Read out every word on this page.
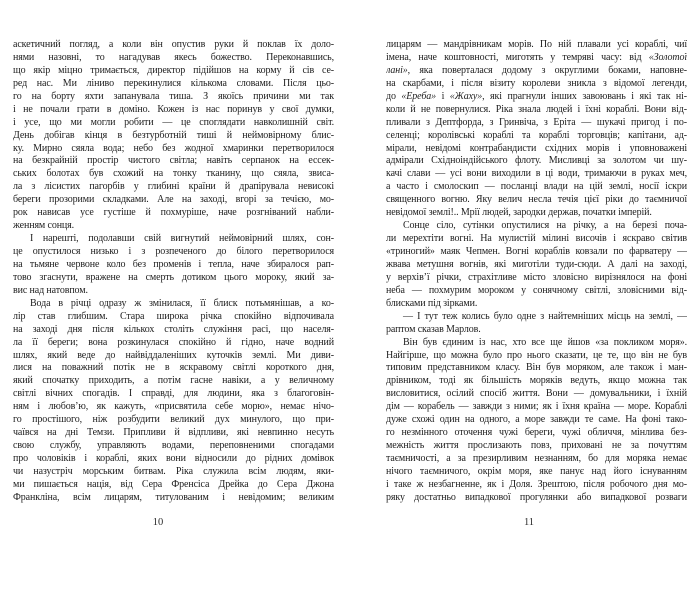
аскетичний погляд, а коли він опустив руки й поклав їх доло-
нями назовні, то нагадував якесь божество. Переконавшись,
що якір міцно тримається, директор підійшов на корму й сів се-
ред нас. Ми ліниво перекинулися кількома словами. Після цьо-
го на борту яхти запанувала тиша. З якоїсь причини ми так
і не почали грати в доміно. Кожен із нас поринув у свої думки,
і усе, що ми могли робити — це споглядати навколишній світ.
День добігав кінця в безтурботній тиші й неймовірному блис-
ку. Мирно сяяла вода; небо без жодної хмаринки перетворилося
на безкрайній простір чистого світла; навіть серпанок на ессек-
ських болотах був схожий на тонку тканину, що сяяла, звиса-
ла з лісистих пагорбів у глибині країни й драпірувала невисокі
береги прозорими складками. Але на заході, вгорі за течією, мо-
рок нависав усе густіше й похмуріше, наче розгніваний набли-
женням сонця.
І нарешті, подолавши свій вигнутий неймовірний шлях, сон-
це опустилося низько і з розпеченого до білого перетворилося
на тьмяне червоне коло без променів і тепла, наче збиралося рап-
тово згаснути, вражене на смерть дотиком цього мороку, який за-
вис над натовпом.
Вода в річці одразу ж змінилася, її блиск потьмянішав, а ко-
лір став глибшим. Стара широка річка спокійно відпочивала
на заході дня після кількох століть служіння расі, що населя-
ла її береги; вона розкинулася спокійно й гідно, наче водний
шлях, який веде до найвіддаленіших куточків землі. Ми диви-
лися на поважний потік не в яскравому світлі короткого дня,
який спочатку приходить, а потім гасне навіки, а у величному
світлі вічних спогадів. І справді, для людини, яка з благоговін-
ням і любов’ю, як кажуть, «присвятила себе морю», немає нічо-
го простішого, ніж розбудити великий дух минулого, що при-
чаївся на дні Темзи. Припливи й відпливи, які невпинно несуть
свою службу, управляють водами, переповненими спогадами
про чоловіків і кораблі, яких вони відносили до рідних домівок
чи назустріч морським битвам. Ріка служила всім людям, яки-
ми пишається нація, від Сера Френсіса Дрейка до Сера Джона
Франкліна, всім лицарям, титулованим і невідомим; великим
10
лицарям — мандрівникам морів. По ній плавали усі кораблі, чиї
імена, наче коштовності, миготять у темряві часу: від «Золотої
лані», яка поверталася додому з округлими боками, наповне-
на скарбами, і після візиту королеви зникла з відомої легенди,
до «Ереба» і «Жаху», які прагнули інших завоювань і які так ні-
коли й не повернулися. Ріка знала людей і їхні кораблі. Вони від-
пливали з Дептфорда, з Гринвіча, з Еріта — шукачі пригод і по-
селенці; королівські кораблі та кораблі торговців; капітани, ад-
мірали, невідомі контрабандисти східних морів і уповноважені
адмірали Східноіндійського флоту. Мисливці за золотом чи шу-
качі слави — усі вони виходили в ці води, тримаючи в руках меч,
а часто і смолоскип — посланці влади на цій землі, носії іскри
священного вогню. Яку велич несла течія цієї ріки до таємничої
невідомої землі!.. Мрії людей, зародки держав, початки імперій.
Сонце сіло, сутінки опустилися на річку, а на березі поча-
ли мерехтіти вогні. На мулистій мілині височів і яскраво світив
«триногий» маяк Чепмен. Вогні кораблів ковзали по фарватеру —
жвава метушня вогнів, які миготіли туди-сюди. А далі на заході,
у верхів’ї річки, страхітливе місто зловісно вирізнялося на фоні
неба — похмурим мороком у сонячному світлі, зловісними від-
блисками під зірками.
— І тут теж колись було одне з найтемніших місць на землі, —
раптом сказав Марлов.
Він був єдиним із нас, хто все ще йшов «за покликом моря».
Найгірше, що можна було про нього сказати, це те, що він не був
типовим представником класу. Він був моряком, але також і ман-
дрівником, тоді як більшість моряків ведуть, якщо можна так
висловитися, осілий спосіб життя. Вони — домувальники, і їхній
дім — корабель — завжди з ними; як і їхня країна — море. Кораблі
дуже схожі один на одного, а море завжди те саме. На фоні тако-
го незмінного оточення чужі береги, чужі обличчя, мінлива без-
межність життя прослизають повз, приховані не за почуттям
таємничості, а за презирливим незнанням, бо для моряка немає
нічого таємничого, окрім моря, яке панує над його існуванням
і таке ж незбагненне, як і Доля. Зрештою, після робочого дня мо-
ряку достатньо випадкової прогулянки або випадкової розваги
11
